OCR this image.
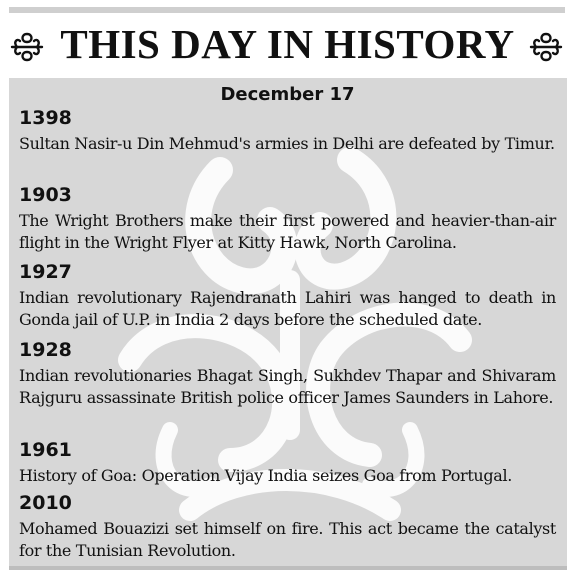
THIS DAY IN HISTORY
December 17
1398

Sultan Nasir-u Din Mehmud's armies in Delhi are defeated by Timur.

1903

The Wright Brothers make their first powered and heavier-than-air flight in the Wright Flyer at Kitty Hawk, North Carolina.

1927

Indian revolutionary Rajendranath Lahiri was hanged to death in Gonda jail of U.P. in India 2 days before the scheduled date.

1928

Indian revolutionaries Bhagat Singh, Sukhdev Thapar and Shivaram Rajguru assassinate British police officer James Saunders in Lahore.

1961

History of Goa: Operation Vijay India seizes Goa from Portugal.

2010

Mohamed Bouazizi set himself on fire. This act became the catalyst for the Tunisian Revolution.
